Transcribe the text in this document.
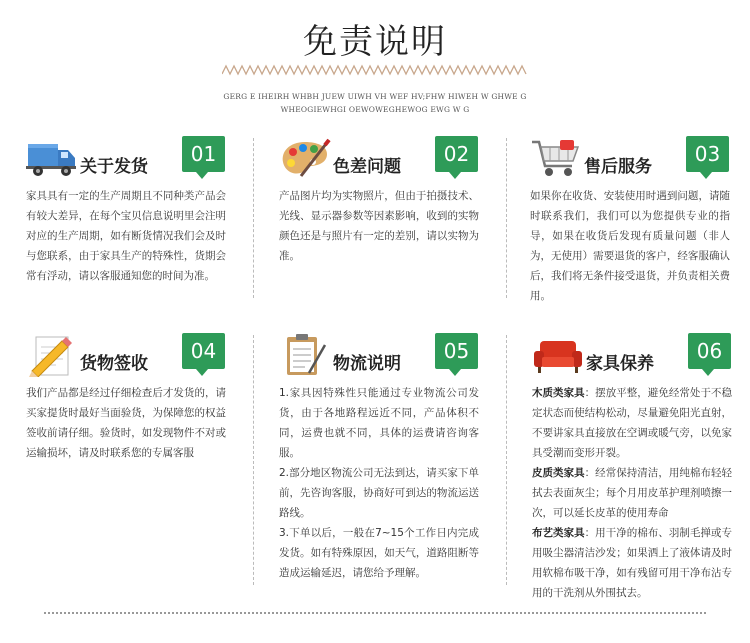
免责说明
GERG E IHEIRH WHBH JUEW UIWH VH WEF HV;FHW HIWEH W GHWE G
WHEOGIEWHGI OEWOWEGHEWOG EWG W G
关于发货
01
家具具有一定的生产周期且不同种类产品会有较大差异，在每个宝贝信息说明里会注明对应的生产周期，如有断货情况我们会及时与您联系，由于家具生产的特殊性，货期会常有浮动，请以客服通知您的时间为准。
色差问题
02
产品图片均为实物照片，但由于拍摄技术、光线、显示器参数等因素影响，收到的实物颜色还是与照片有一定的差别，请以实物为准。
售后服务
03
如果你在收货、安装使用时遇到问题，请随时联系我们，我们可以为您提供专业的指导，如果在收货后发现有质量问题（非人为，无使用）需要退货的客户，经客服确认后，我们将无条件接受退货，并负责相关费用。
货物签收
04
我们产品都是经过仔细检查后才发货的，请买家提货时最好当面验货，为保障您的权益签收前请仔细。验货时，如发现物件不对或运输损坏，请及时联系您的专属客服
物流说明
05
1.家具因特殊性只能通过专业物流公司发货，由于各地路程远近不同，产品体积不同，运费也就不同，具体的运费请咨询客服。
2.部分地区物流公司无法到达，请买家下单前，先咨询客服，协商好可到达的物流运送路线。
3.下单以后，一般在7~15个工作日内完成发货。如有特殊原因，如天气，道路阻断等造成运输延迟，请您给予理解。
家具保养
06
木质类家具：摆放平整，避免经常处于不稳定状态而使结构松动，尽量避免阳光直射，不要讲家具直接放在空调或暖气旁，以免家具受潮而变形开裂。
皮质类家具：经常保持清洁，用纯棉布轻轻拭去表面灰尘；每个月用皮革护理剂喷擦一次，可以延长皮革的使用寿命
布艺类家具：用干净的棉布、羽制毛掸或专用吸尘器清洁沙发；如果洒上了液体请及时用软棉布吸干净，如有残留可用干净布沾专用的干洗剂从外围拭去。
